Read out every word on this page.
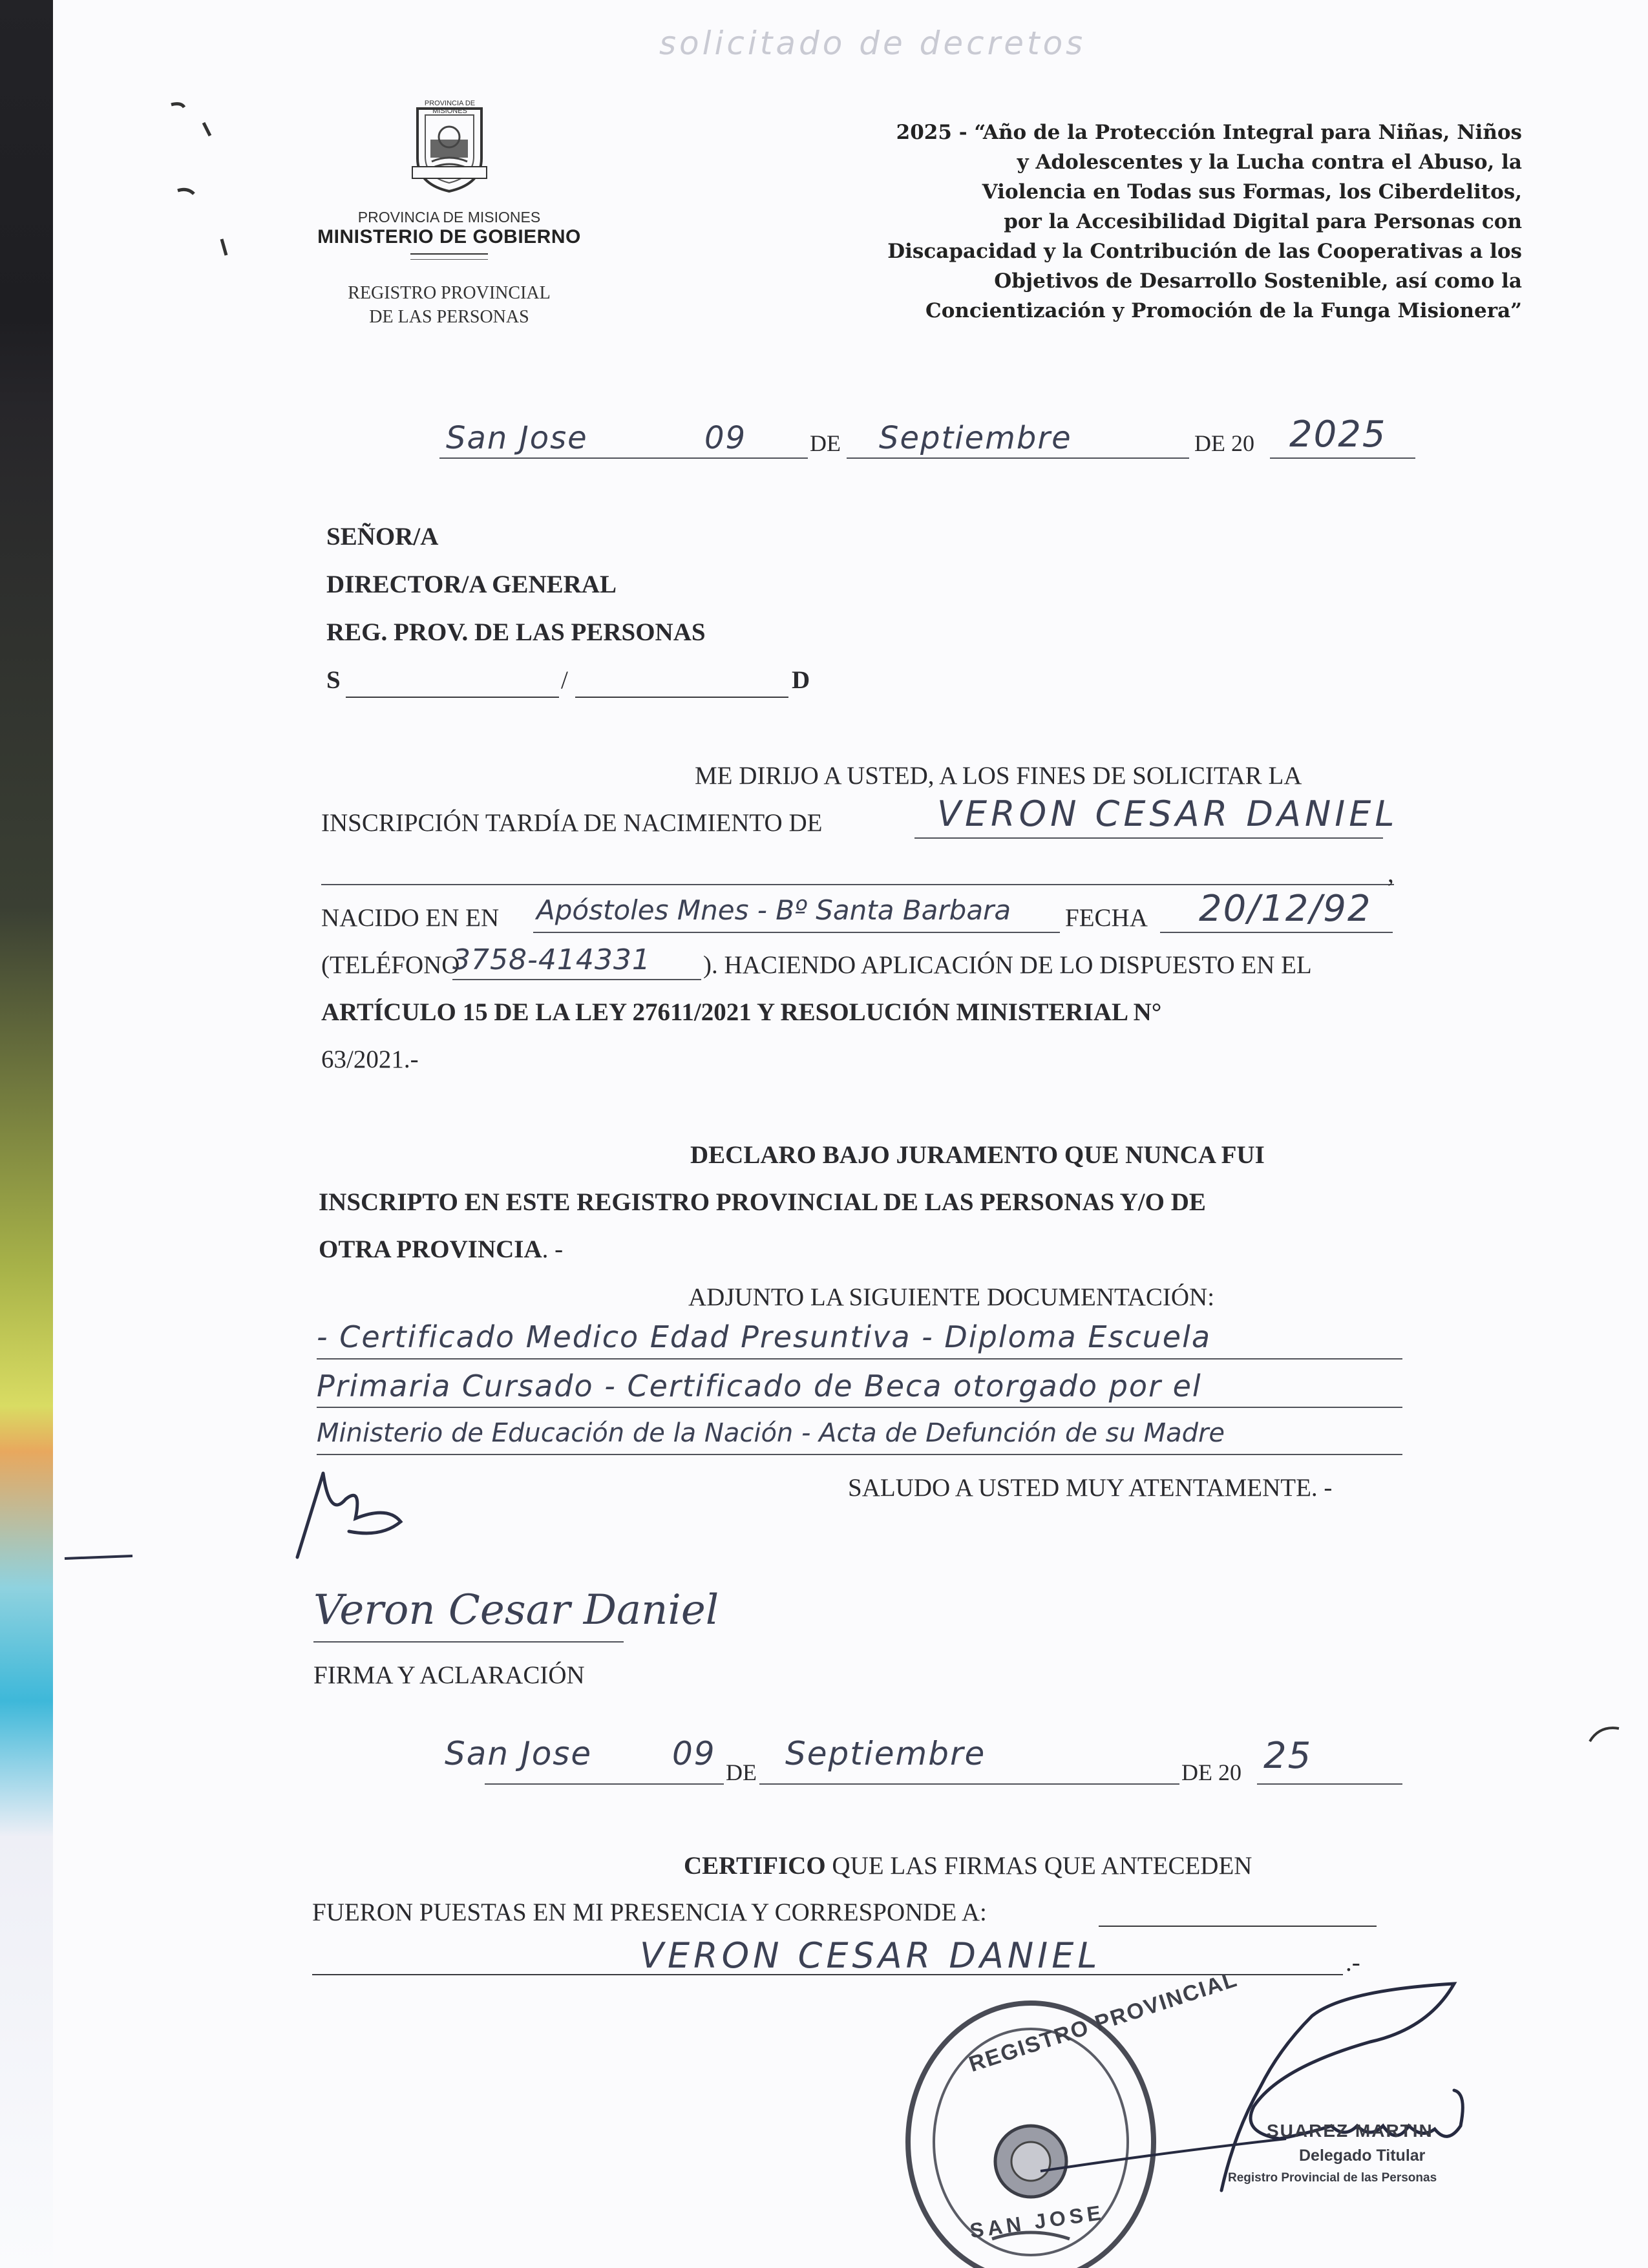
solicitado de decretos
PROVINCIA DE MISIONES
PROVINCIA DE MISIONES
MINISTERIO DE GOBIERNO
REGISTRO PROVINCIAL
DE LAS PERSONAS
2025 - “Año de la Protección Integral para Niñas, Niños
y Adolescentes y la Lucha contra el Abuso, la
Violencia en Todas sus Formas, los Ciberdelitos,
por la Accesibilidad Digital para Personas con
Discapacidad y la Contribución de las Cooperativas a los
Objetivos de Desarrollo Sostenible, así como la
Concientización y Promoción de la Funga Misionera”
San Jose	09	DE Septiembre	DE 20 2025
SEÑOR/A
DIRECTOR/A GENERAL
REG. PROV. DE LAS PERSONAS
S	/	D
ME DIRIJO A USTED, A LOS FINES DE SOLICITAR LA
INSCRIPCIÓN TARDÍA DE NACIMIENTO DE	VERON CESAR DANIEL
,
NACIDO EN EN Apóstoles Mnes - Bº Santa Barbara FECHA 20/12/92
(TELÉFONO
3758-414331 ). HACIENDO APLICACIÓN DE LO DISPUESTO EN EL
ARTÍCULO 15 DE LA LEY 27611/2021 Y RESOLUCIÓN MINISTERIAL N°
63/2021.-
DECLARO BAJO JURAMENTO QUE NUNCA FUI
INSCRIPTO EN ESTE REGISTRO PROVINCIAL DE LAS PERSONAS Y/O DE
OTRA PROVINCIA. -
ADJUNTO LA SIGUIENTE DOCUMENTACIÓN:
- Certificado Medico Edad Presuntiva - Diploma Escuela
Primaria Cursado - Certificado de Beca otorgado por el
Ministerio de Educación de la Nación - Acta de Defunción de su Madre
SALUDO A USTED MUY ATENTAMENTE. -
Veron Cesar Daniel
FIRMA Y ACLARACIÓN
San Jose 09 DE Septiembre	DE 20 25
CERTIFICO QUE LAS FIRMAS QUE ANTECEDEN
FUERON PUESTAS EN MI PRESENCIA Y CORRESPONDE A:
VERON CESAR DANIEL	.-
REGISTRO PROVINCIAL
SAN JOSE
SUAREZ MARTIN
Delegado Titular
Registro Provincial de las Personas
